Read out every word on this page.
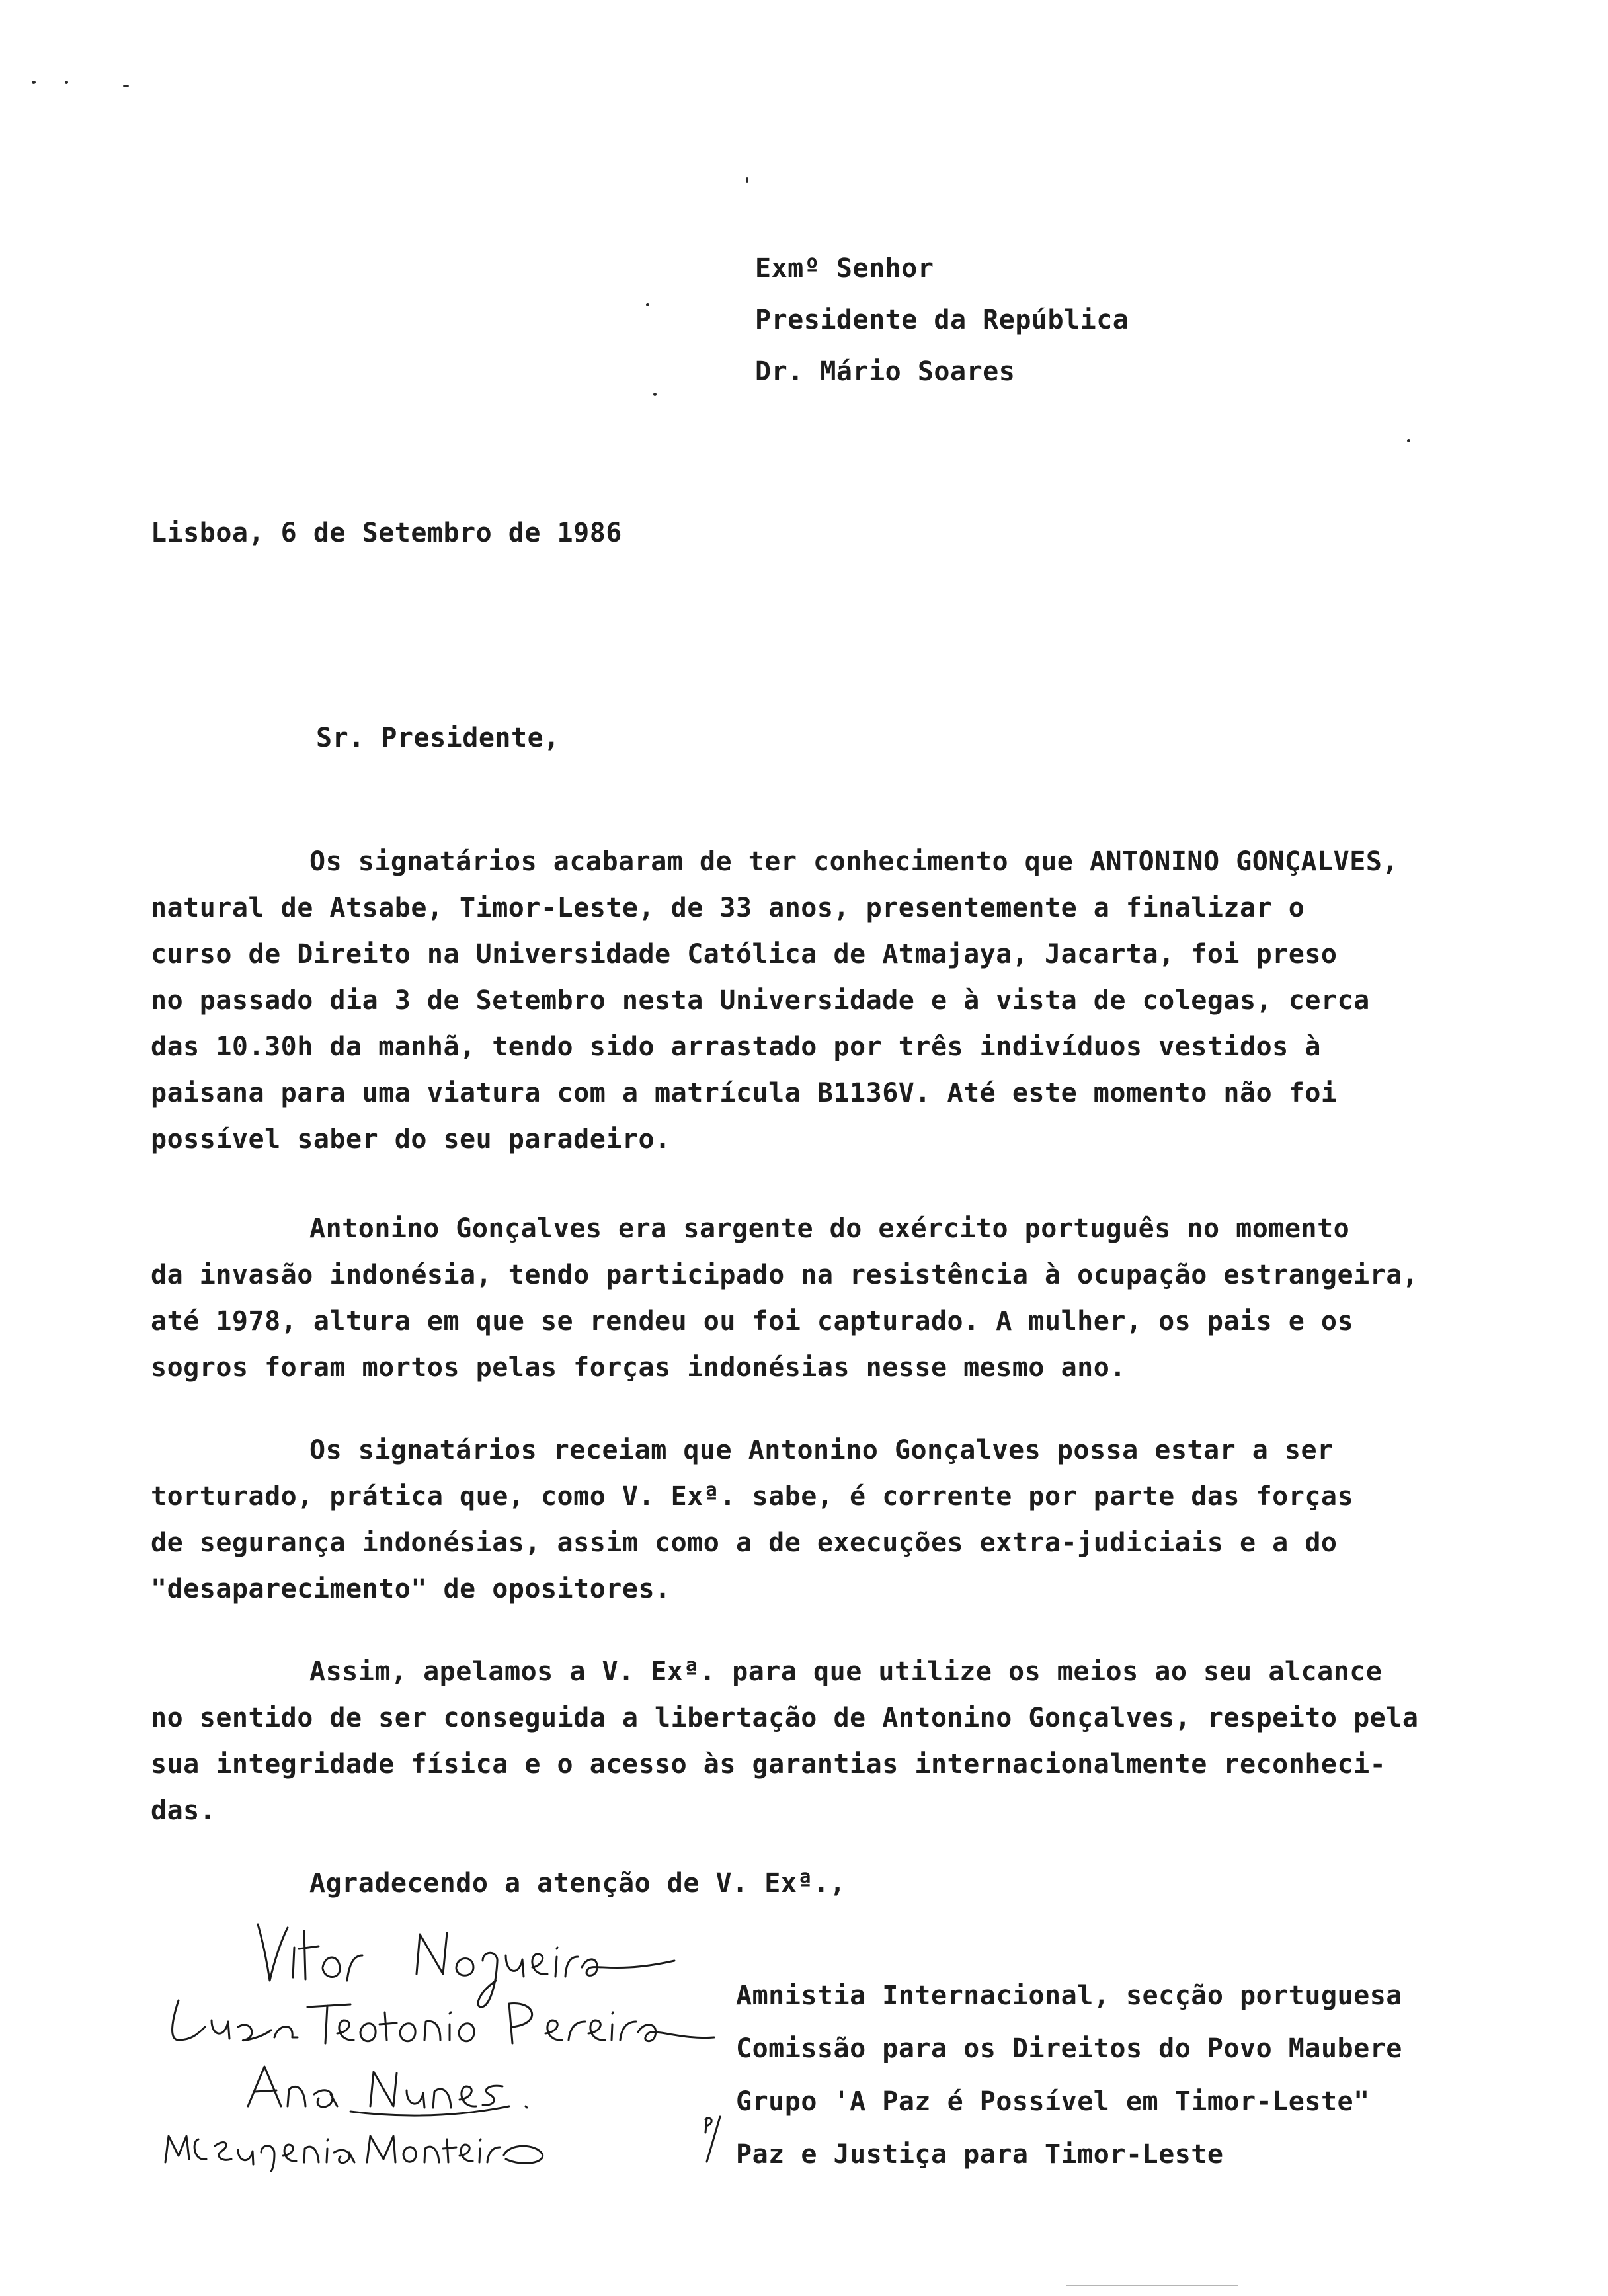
Exmº Senhor
Presidente da República
Dr. Mário Soares
Lisboa, 6 de Setembro de 1986
Sr. Presidente,
Os signatários acabaram de ter conhecimento que ANTONINO GONÇALVES,
natural de Atsabe, Timor-Leste, de 33 anos, presentemente a finalizar o
curso de Direito na Universidade Católica de Atmajaya, Jacarta, foi preso
no passado dia 3 de Setembro nesta Universidade e à vista de colegas, cerca
das 10.30h da manhã, tendo sido arrastado por três indivíduos vestidos à
paisana para uma viatura com a matrícula B1136V. Até este momento não foi
possível saber do seu paradeiro.
Antonino Gonçalves era sargente do exército português no momento
da invasão indonésia, tendo participado na resistência à ocupação estrangeira,
até 1978, altura em que se rendeu ou foi capturado. A mulher, os pais e os
sogros foram mortos pelas forças indonésias nesse mesmo ano.
Os signatários receiam que Antonino Gonçalves possa estar a ser
torturado, prática que, como V. Exª. sabe, é corrente por parte das forças
de segurança indonésias, assim como a de execuções extra-judiciais e a do
"desaparecimento" de opositores.
Assim, apelamos a V. Exª. para que utilize os meios ao seu alcance
no sentido de ser conseguida a libertação de Antonino Gonçalves, respeito pela
sua integridade física e o acesso às garantias internacionalmente reconheci-
das.
Agradecendo a atenção de V. Exª.,
Amnistia Internacional, secção portuguesa
Comissão para os Direitos do Povo Maubere
Grupo 'A Paz é Possível em Timor-Leste"
Paz e Justiça para Timor-Leste
